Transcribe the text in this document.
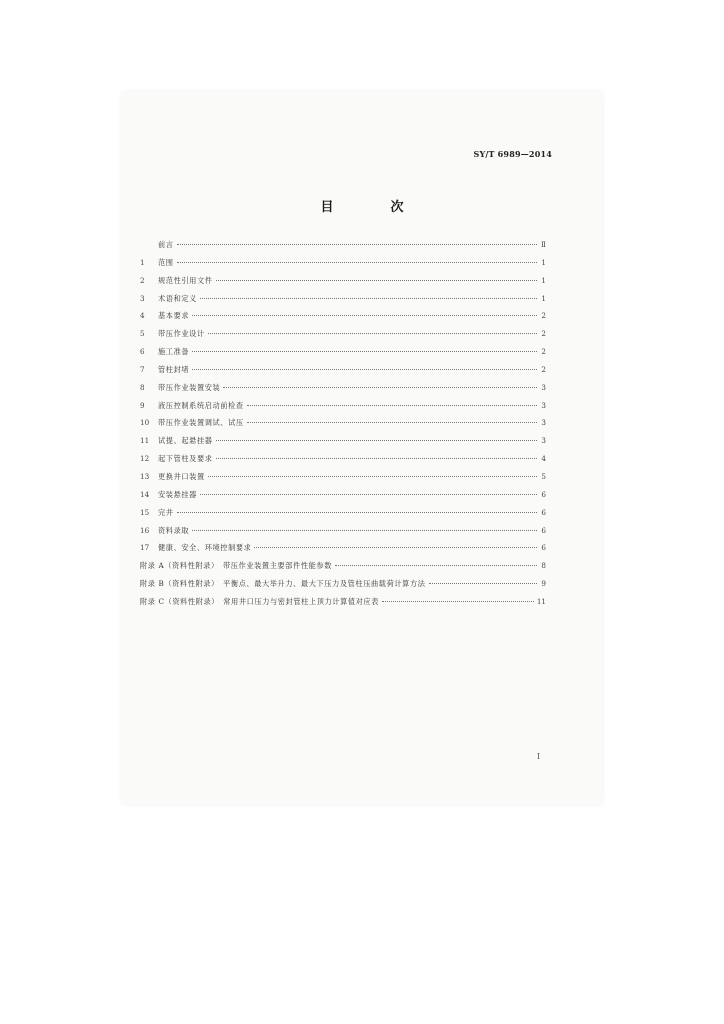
SY/T 6989—2014
目　次
前言	Ⅱ
1	范围	1
2	规范性引用文件	1
3	术语和定义	1
4	基本要求	2
5	带压作业设计	2
6	施工准备	2
7	管柱封堵	2
8	带压作业装置安装	3
9	液压控制系统启动前检查	3
10	带压作业装置调试、试压	3
11	试提、起悬挂器	3
12	起下管柱及要求	4
13	更换井口装置	5
14	安装悬挂器	6
15	完井	6
16	资料录取	6
17	健康、安全、环境控制要求	6
附录 A（资料性附录）　带压作业装置主要部件性能参数	8
附录 B（资料性附录）　平衡点、最大举升力、最大下压力及管柱压曲载荷计算方法	9
附录 C（资料性附录）　常用井口压力与密封管柱上顶力计算值对应表	11
I
